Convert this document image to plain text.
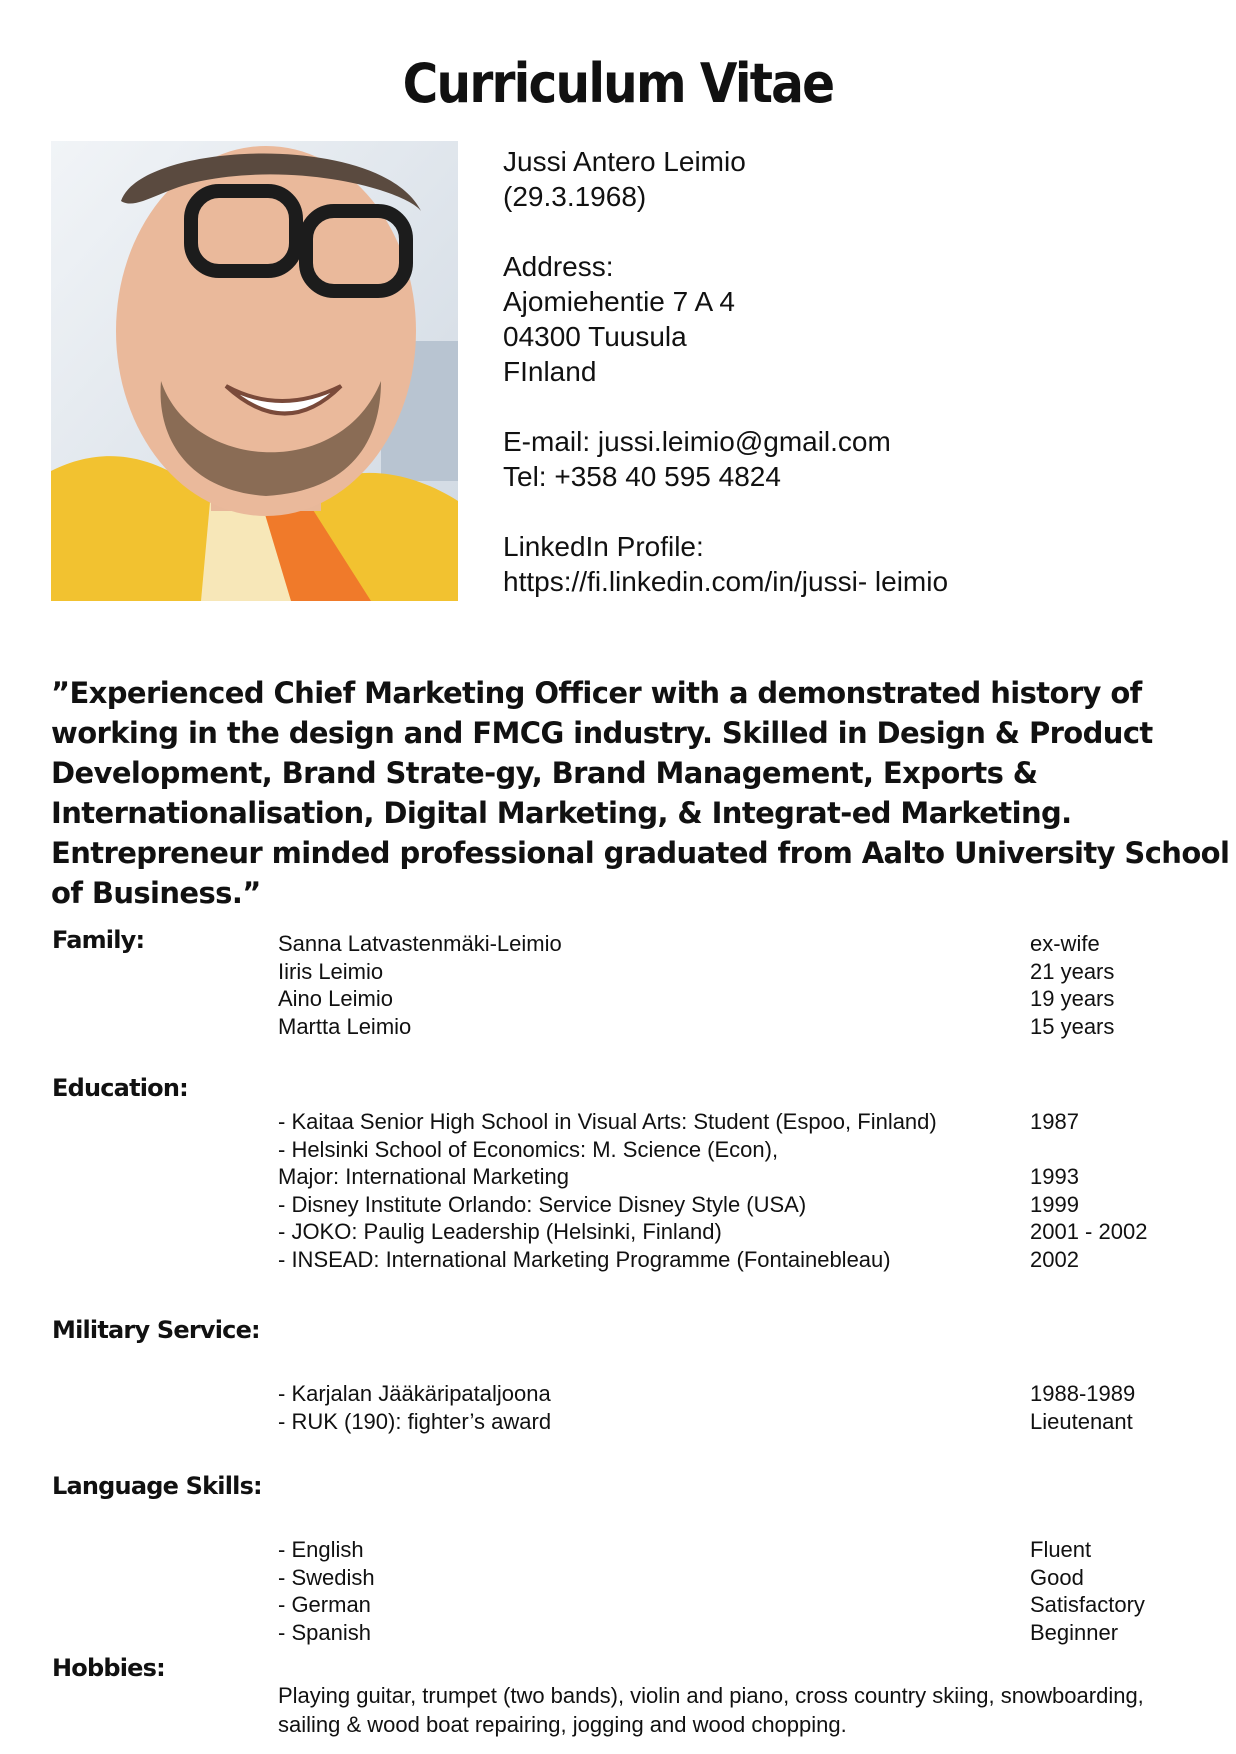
Curriculum Vitae
Jussi Antero Leimio
(29.3.1968)
Address:
Ajomiehentie 7 A 4
04300 Tuusula
FInland
E-mail: jussi.leimio@gmail.com
Tel: +358 40 595 4824
LinkedIn Profile:
https://fi.linkedin.com/in/jussi- leimio
”Experienced Chief Marketing Officer with a demonstrated history of working in the design and FMCG industry. Skilled in Design & Product Development, Brand Strate-gy, Brand Management, Exports & Internationalisation, Digital Marketing, & Integrat-ed Marketing. Entrepreneur minded professional graduated from Aalto University School of Business.”
Family:	Sanna Latvastenmäki-Leimio
Iiris Leimio
Aino Leimio
Martta Leimio
ex-wife
21 years
19 years
15 years
Education:
- Kaitaa Senior High School in Visual Arts: Student (Espoo, Finland)
- Helsinki School of Economics: M. Science (Econ),
Major: International Marketing
- Disney Institute Orlando: Service Disney Style (USA)
- JOKO: Paulig Leadership (Helsinki, Finland)
- INSEAD: International Marketing Programme (Fontainebleau)
1987
1993
1999
2001 - 2002
2002
Military Service:
- Karjalan Jääkäripataljoona
- RUK (190): fighter’s award
1988-1989
Lieutenant
Language Skills:
- English
- Swedish
- German
- Spanish
Fluent
Good
Satisfactory
Beginner
Hobbies:
Playing guitar, trumpet (two bands), violin and piano, cross country skiing, snowboarding, sailing & wood boat repairing, jogging and wood chopping.
